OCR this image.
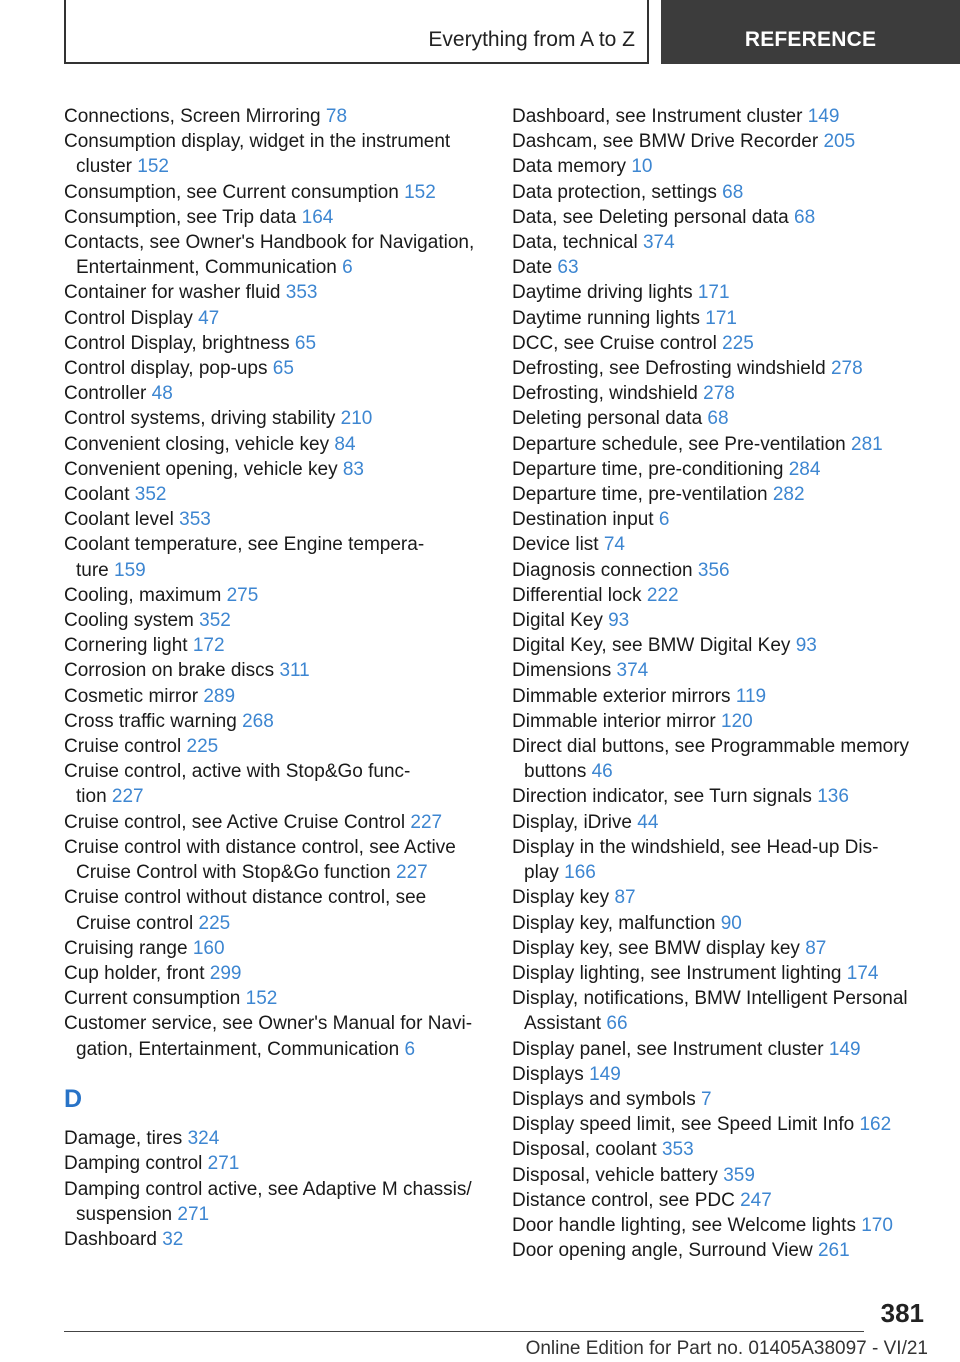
Everything from A to Z	REFERENCE
Connections, Screen Mirroring 78
Consumption display, widget in the instrument
cluster 152
Consumption, see Current consumption 152
Consumption, see Trip data 164
Contacts, see Owner's Handbook for Navigation,
Entertainment, Communication 6
Container for washer fluid 353
Control Display 47
Control Display, brightness 65
Control display, pop-ups 65
Controller 48
Control systems, driving stability 210
Convenient closing, vehicle key 84
Convenient opening, vehicle key 83
Coolant 352
Coolant level 353
Coolant temperature, see Engine tempera-
ture 159
Cooling, maximum 275
Cooling system 352
Cornering light 172
Corrosion on brake discs 311
Cosmetic mirror 289
Cross traffic warning 268
Cruise control 225
Cruise control, active with Stop&Go func-
tion 227
Cruise control, see Active Cruise Control 227
Cruise control with distance control, see Active
Cruise Control with Stop&Go function 227
Cruise control without distance control, see
Cruise control 225
Cruising range 160
Cup holder, front 299
Current consumption 152
Customer service, see Owner's Manual for Navi-
gation, Entertainment, Communication 6
D
Damage, tires 324
Damping control 271
Damping control active, see Adaptive M chassis/
suspension 271
Dashboard 32
Dashboard, see Instrument cluster 149
Dashcam, see BMW Drive Recorder 205
Data memory 10
Data protection, settings 68
Data, see Deleting personal data 68
Data, technical 374
Date 63
Daytime driving lights 171
Daytime running lights 171
DCC, see Cruise control 225
Defrosting, see Defrosting windshield 278
Defrosting, windshield 278
Deleting personal data 68
Departure schedule, see Pre-ventilation 281
Departure time, pre-conditioning 284
Departure time, pre-ventilation 282
Destination input 6
Device list 74
Diagnosis connection 356
Differential lock 222
Digital Key 93
Digital Key, see BMW Digital Key 93
Dimensions 374
Dimmable exterior mirrors 119
Dimmable interior mirror 120
Direct dial buttons, see Programmable memory
buttons 46
Direction indicator, see Turn signals 136
Display, iDrive 44
Display in the windshield, see Head-up Dis-
play 166
Display key 87
Display key, malfunction 90
Display key, see BMW display key 87
Display lighting, see Instrument lighting 174
Display, notifications, BMW Intelligent Personal
Assistant 66
Display panel, see Instrument cluster 149
Displays 149
Displays and symbols 7
Display speed limit, see Speed Limit Info 162
Disposal, coolant 353
Disposal, vehicle battery 359
Distance control, see PDC 247
Door handle lighting, see Welcome lights 170
Door opening angle, Surround View 261
381
Online Edition for Part no. 01405A38097 - VI/21
